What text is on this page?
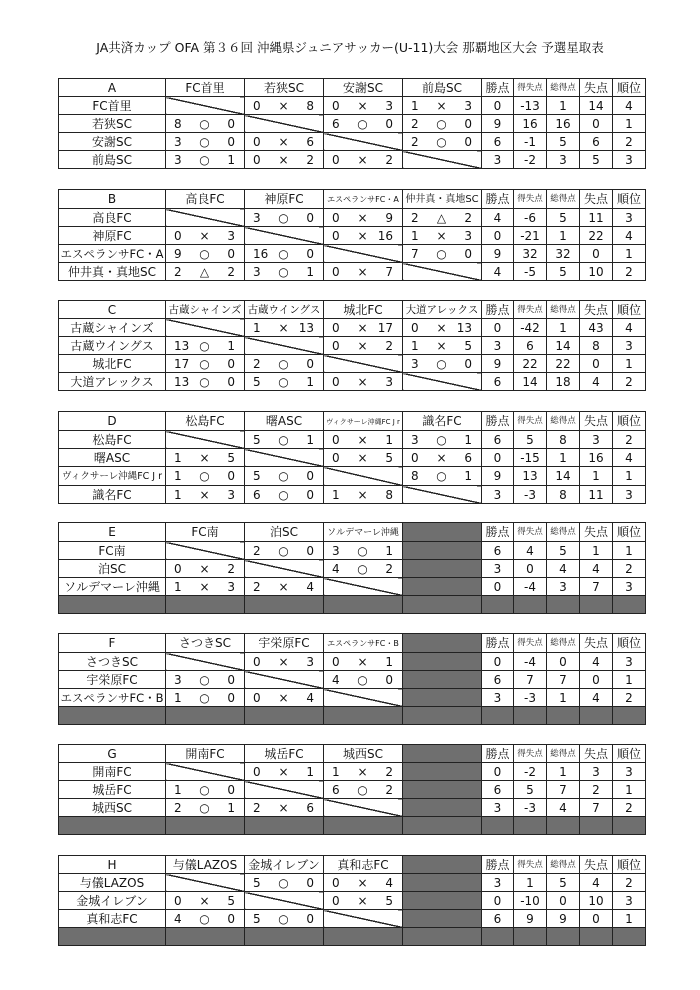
JA共済カップ OFA 第３６回 沖縄県ジュニアサッカー(U-11)大会 那覇地区大会 予選星取表
A	FC首里	若狭SC	安謝SC	前島SC	勝点	得失点	総得点	失点	順位
FC首里		0 × 8	0 × 3	1 × 3	0	-13	1	14	4
若狭SC	8 ○ 0		6 ○ 0	2 ○ 0	9	16	16	0	1
安謝SC	3 ○ 0	0 × 6		2 ○ 0	6	-1	5	6	2
前島SC	3 ○ 1	0 × 2	0 × 2		3	-2	3	5	3
B	高良FC	神原FC	エスペランサFC・A	仲井真・真地SC	勝点	得失点	総得点	失点	順位
高良FC		3 ○ 0	0 × 9	2 △ 2	4	-6	5	11	3
神原FC	0 × 3		0 × 16	1 × 3	0	-21	1	22	4
エスペランサFC・A	9 ○ 0	16 ○ 0		7 ○ 0	9	32	32	0	1
仲井真・真地SC	2 △ 2	3 ○ 1	0 × 7		4	-5	5	10	2
C	古蔵シャインズ	古蔵ウイングス	城北FC	大道アレックス	勝点	得失点	総得点	失点	順位
古蔵シャインズ		1 × 13	0 × 17	0 × 13	0	-42	1	43	4
古蔵ウイングス	13 ○ 1		0 × 2	1 × 5	3	6	14	8	3
城北FC	17 ○ 0	2 ○ 0		3 ○ 0	9	22	22	0	1
大道アレックス	13 ○ 0	5 ○ 1	0 × 3		6	14	18	4	2
D	松島FC	曙ASC	ヴィクサーレ沖縄FC J r	識名FC	勝点	得失点	総得点	失点	順位
松島FC		5 ○ 1	0 × 1	3 ○ 1	6	5	8	3	2
曙ASC	1 × 5		0 × 5	0 × 6	0	-15	1	16	4
ヴィクサーレ沖縄FC J r	1 ○ 0	5 ○ 0		8 ○ 1	9	13	14	1	1
識名FC	1 × 3	6 ○ 0	1 × 8		3	-3	8	11	3
E	FC南	泊SC	ソルデマーレ沖縄		勝点	得失点	総得点	失点	順位
FC南		2 ○ 0	3 ○ 1		6	4	5	1	1
泊SC	0 × 2		4 ○ 2		3	0	4	4	2
ソルデマーレ沖縄	1 × 3	2 × 4			0	-4	3	7	3

F	さつきSC	宇栄原FC	エスペランサFC・B		勝点	得失点	総得点	失点	順位
さつきSC		0 × 3	0 × 1		0	-4	0	4	3
宇栄原FC	3 ○ 0		4 ○ 0		6	7	7	0	1
エスペランサFC・B	1 ○ 0	0 × 4			3	-3	1	4	2

G	開南FC	城岳FC	城西SC		勝点	得失点	総得点	失点	順位
開南FC		0 × 1	1 × 2		0	-2	1	3	3
城岳FC	1 ○ 0		6 ○ 2		6	5	7	2	1
城西SC	2 ○ 1	2 × 6			3	-3	4	7	2

H	与儀LAZOS	金城イレブン	真和志FC		勝点	得失点	総得点	失点	順位
与儀LAZOS		5 ○ 0	0 × 4		3	1	5	4	2
金城イレブン	0 × 5		0 × 5		0	-10	0	10	3
真和志FC	4 ○ 0	5 ○ 0			6	9	9	0	1
